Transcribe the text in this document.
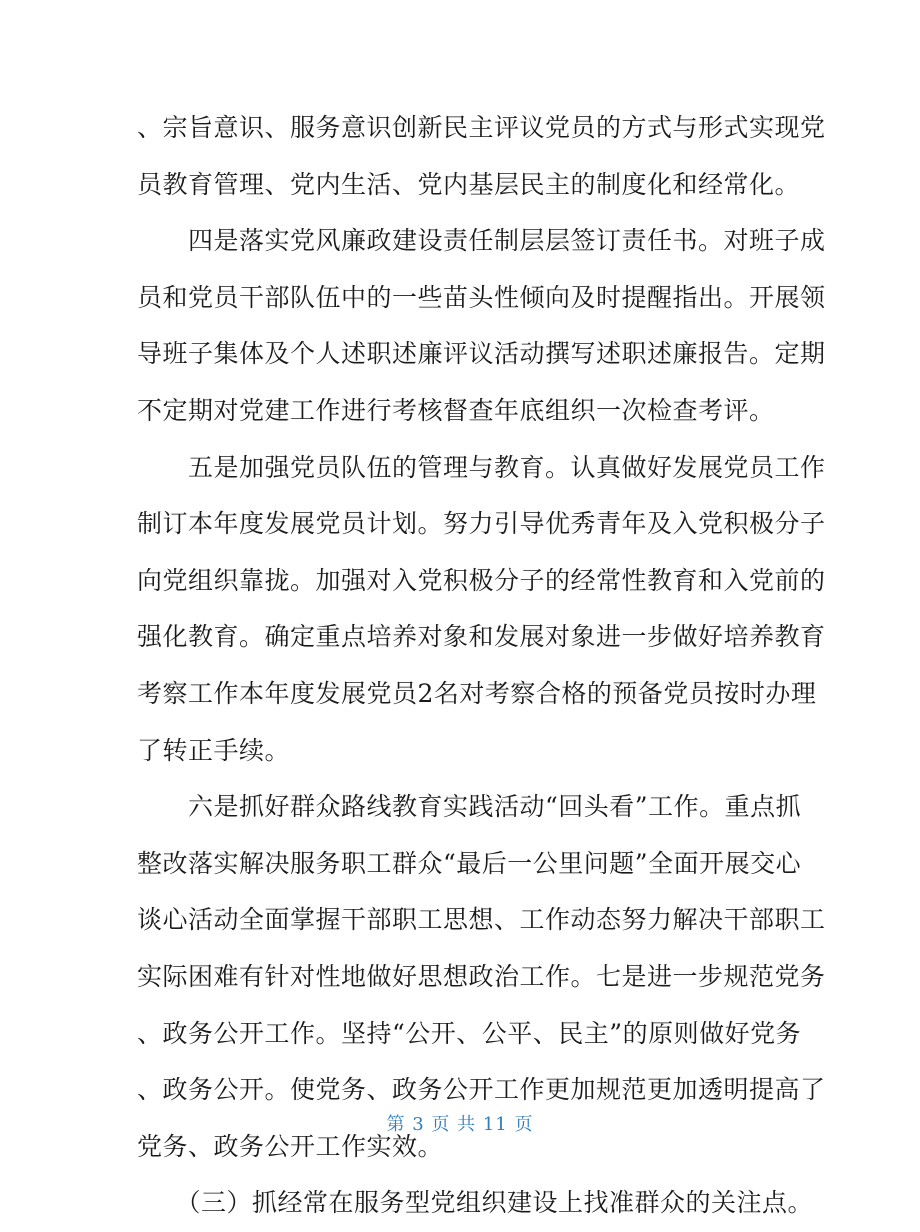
、宗旨意识、服务意识创新民主评议党员的方式与形式实现党
员教育管理、党内生活、党内基层民主的制度化和经常化。
　　四是落实党风廉政建设责任制层层签订责任书。对班子成
员和党员干部队伍中的一些苗头性倾向及时提醒指出。开展领
导班子集体及个人述职述廉评议活动撰写述职述廉报告。定期
不定期对党建工作进行考核督查年底组织一次检查考评。
　　五是加强党员队伍的管理与教育。认真做好发展党员工作
制订本年度发展党员计划。努力引导优秀青年及入党积极分子
向党组织靠拢。加强对入党积极分子的经常性教育和入党前的
强化教育。确定重点培养对象和发展对象进一步做好培养教育
考察工作本年度发展党员2名对考察合格的预备党员按时办理
了转正手续。
　　六是抓好群众路线教育实践活动“回头看”工作。重点抓
整改落实解决服务职工群众“最后一公里问题”全面开展交心
谈心活动全面掌握干部职工思想、工作动态努力解决干部职工
实际困难有针对性地做好思想政治工作。七是进一步规范党务
、政务公开工作。坚持“公开、公平、民主”的原则做好党务
、政务公开。使党务、政务公开工作更加规范更加透明提高了
党务、政务公开工作实效。
　　（三）抓经常在服务型党组织建设上找准群众的关注点。
第 3 页 共 11 页
